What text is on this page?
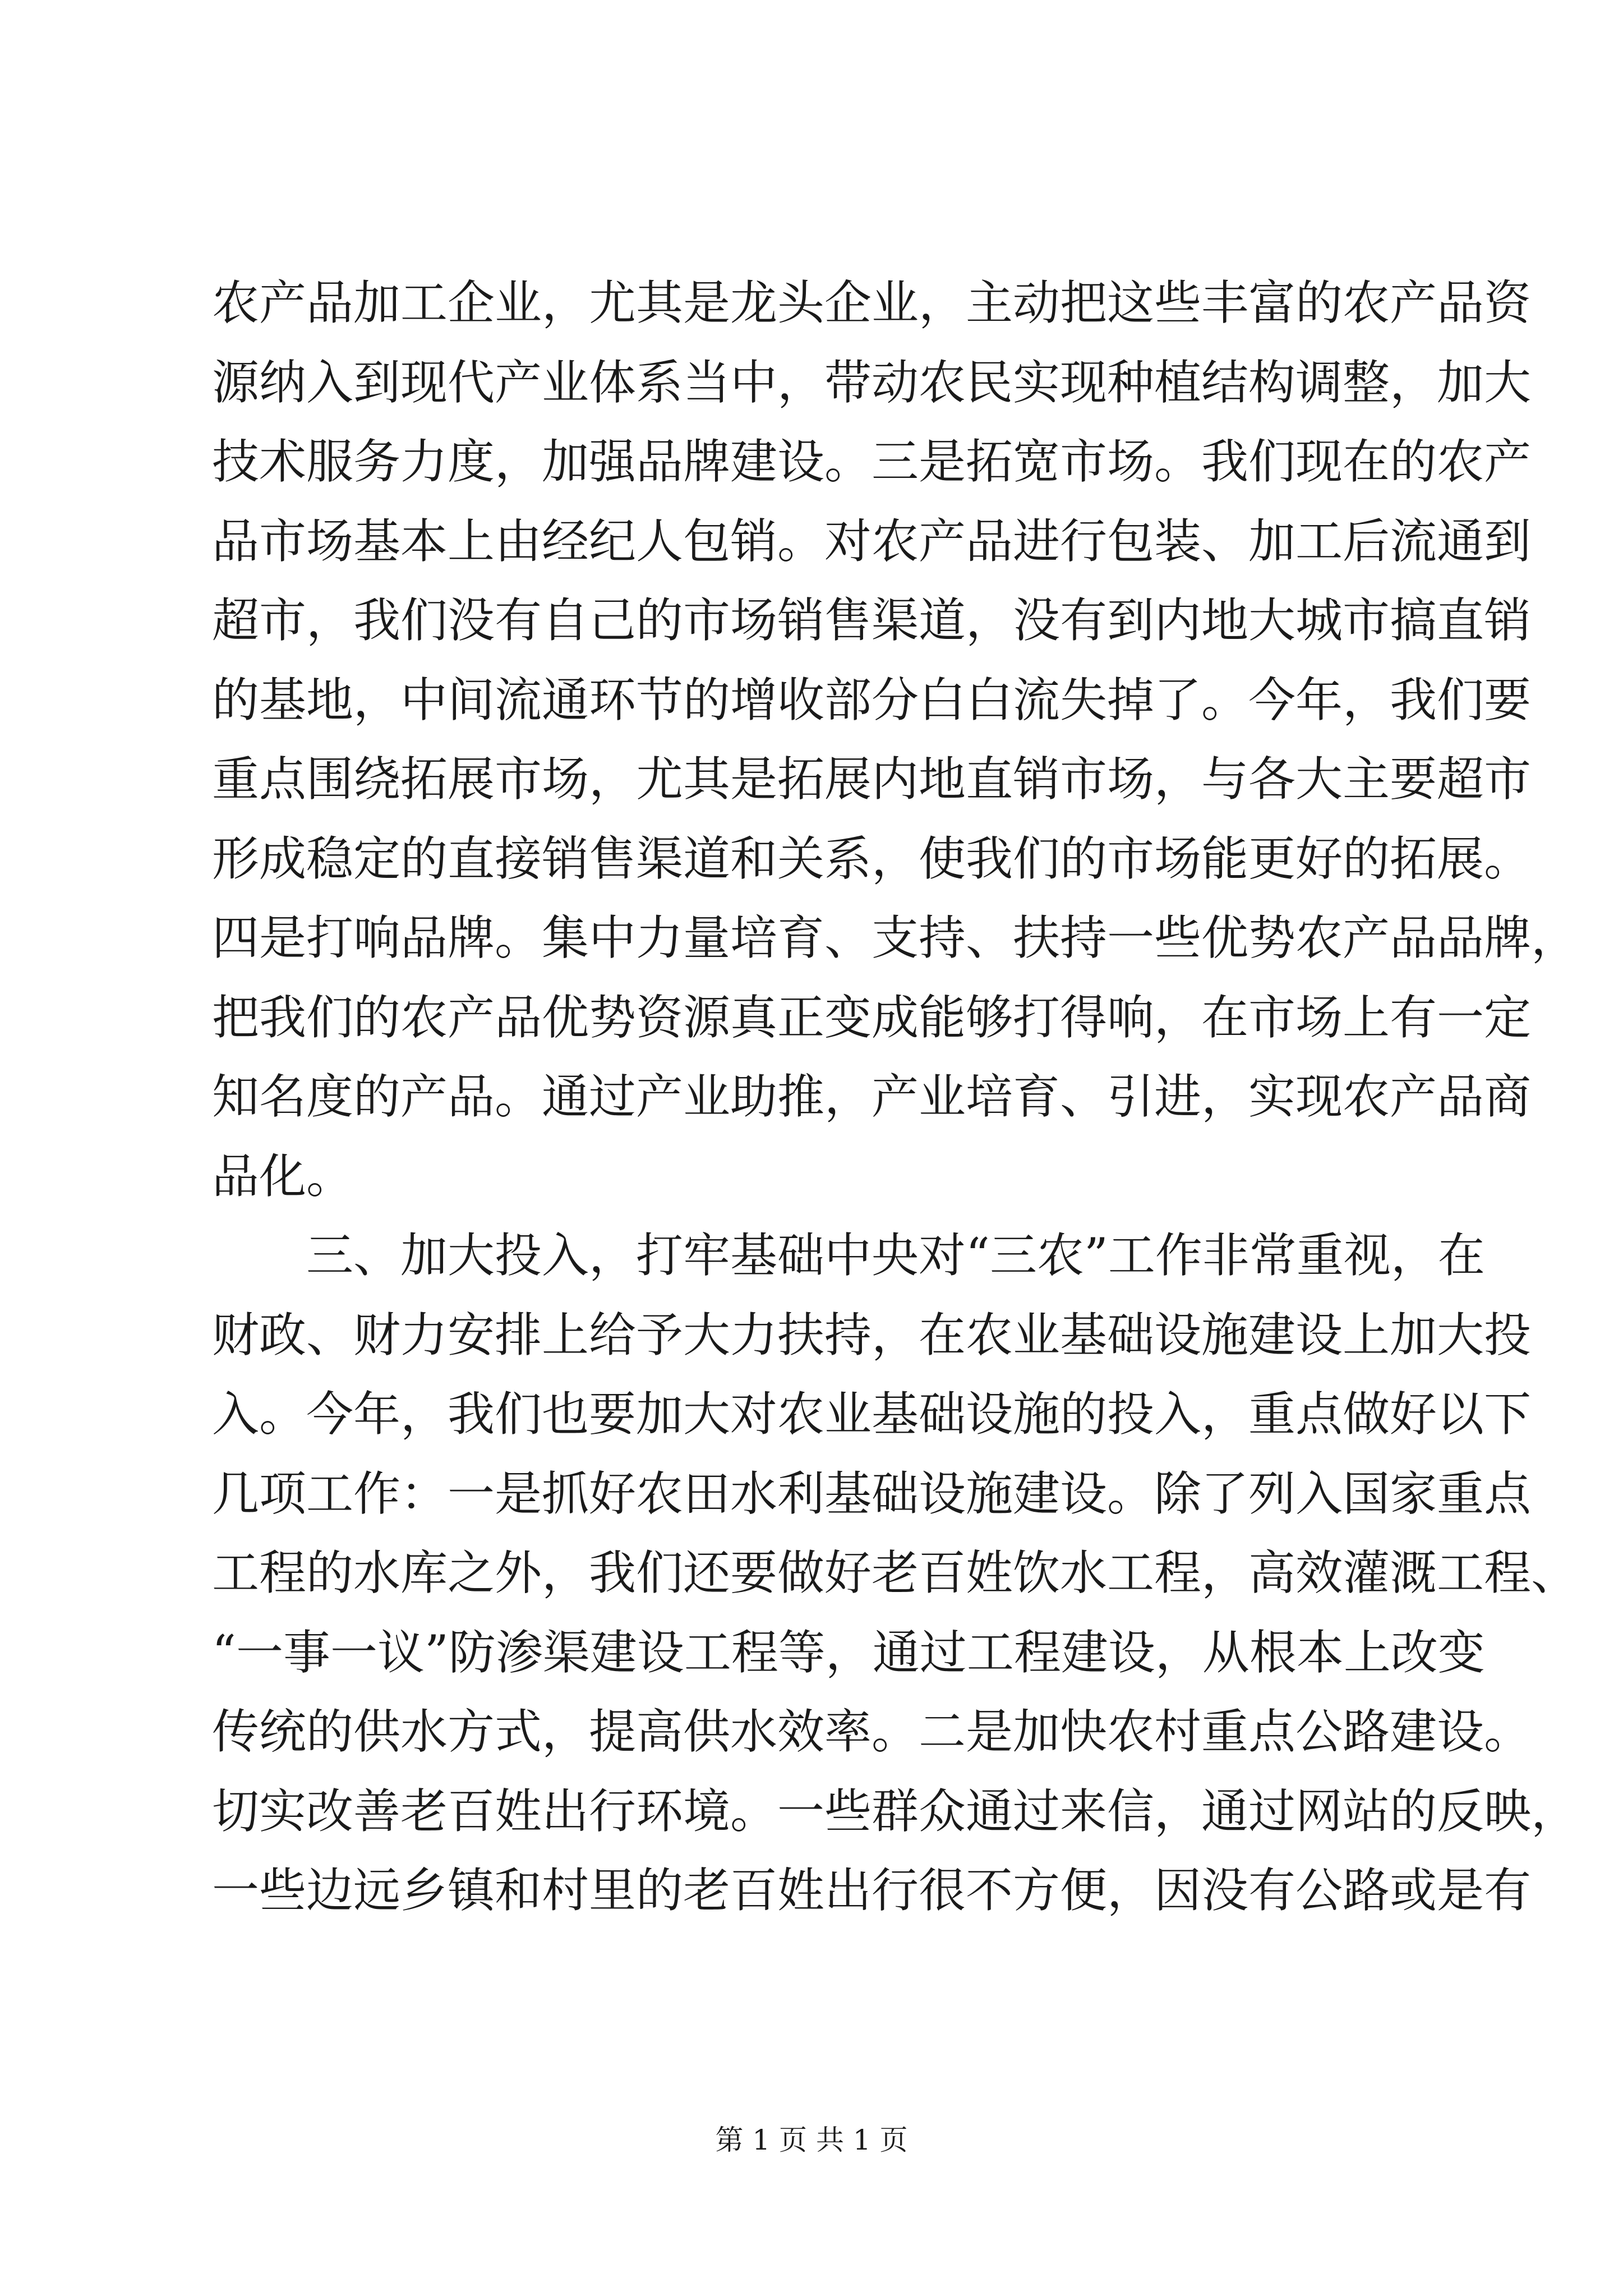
农产品加工企业，尤其是龙头企业，主动把这些丰富的农产品资
源纳入到现代产业体系当中，带动农民实现种植结构调整，加大
技术服务力度，加强品牌建设。三是拓宽市场。我们现在的农产
品市场基本上由经纪人包销。对农产品进行包装、加工后流通到
超市，我们没有自己的市场销售渠道，没有到内地大城市搞直销
的基地，中间流通环节的增收部分白白流失掉了。今年，我们要
重点围绕拓展市场，尤其是拓展内地直销市场，与各大主要超市
形成稳定的直接销售渠道和关系，使我们的市场能更好的拓展。
四是打响品牌。集中力量培育、支持、扶持一些优势农产品品牌，
把我们的农产品优势资源真正变成能够打得响，在市场上有一定
知名度的产品。通过产业助推，产业培育、引进，实现农产品商
品化。
三、加大投入，打牢基础中央对“三农”工作非常重视，在
财政、财力安排上给予大力扶持，在农业基础设施建设上加大投
入。今年，我们也要加大对农业基础设施的投入，重点做好以下
几项工作：一是抓好农田水利基础设施建设。除了列入国家重点
工程的水库之外，我们还要做好老百姓饮水工程，高效灌溉工程、
“一事一议”防渗渠建设工程等，通过工程建设，从根本上改变
传统的供水方式，提高供水效率。二是加快农村重点公路建设。
切实改善老百姓出行环境。一些群众通过来信，通过网站的反映，
一些边远乡镇和村里的老百姓出行很不方便，因没有公路或是有
第 1 页 共 1 页
